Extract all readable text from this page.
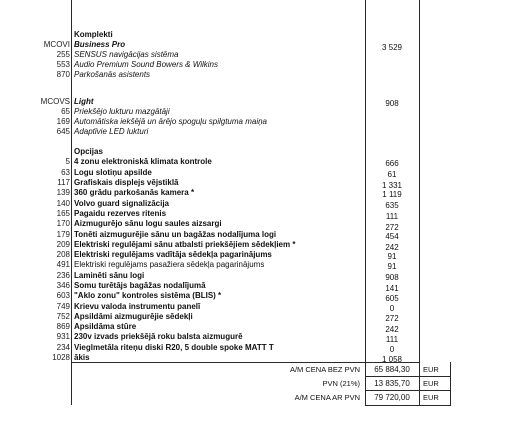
Komplekti
MCOVI Business Pro	3 529
255 SENSUS navigācijas sistēma
553 Audio Premium Sound Bowers & Wilkins
870 Parkošanās asistents
MCOVS Light	908
65 Priekšējo lukturu mazgātāji
169 Automātiska iekšējā un ārējo spoguļu spilgtuma maiņa
645 Adaptīvie LED lukturi
Opcijas
5 4 zonu elektroniskā klimata kontrole	666
63 Logu slotiņu apsilde	61
117 Grafiskais displejs vējstiklā	1 331
139 360 grādu parkošanās kamera *	1 119
140 Volvo guard signalizācija	635
165 Pagaidu rezerves ritenis	111
170 Aizmugurējo sānu logu saules aizsargi	272
179 Tonēti aizmugurējie sānu un bagāžas nodalījuma logi	454
209 Elektriski regulējami sānu atbalsti priekšējiem sēdekļiem *	242
208 Elektriski regulējams vadītāja sēdekļa pagarinājums	91
491 Elektriski regulējams pasažiera sēdekļa pagarinājums	91
236 Laminēti sānu logi	908
346 Somu turētājs bagāžas nodalījumā	141
603 "Aklo zonu" kontroles sistēma (BLIS) *	605
749 Krievu valoda instrumentu panelī	0
752 Apsildāmi aizmugurējie sēdekļi	272
869 Apsildāma stūre	242
931 230v izvads priekšējā roku balsta aizmugurē	111
234 Vieglmetāla riteņu diski R20, 5 double spoke MATT T	0
1028 ākis	1 058
A/M CENA BEZ PVN	65 884,30	EUR
PVN (21%)	13 835,70	EUR
A/M CENA AR PVN	79 720,00	EUR
